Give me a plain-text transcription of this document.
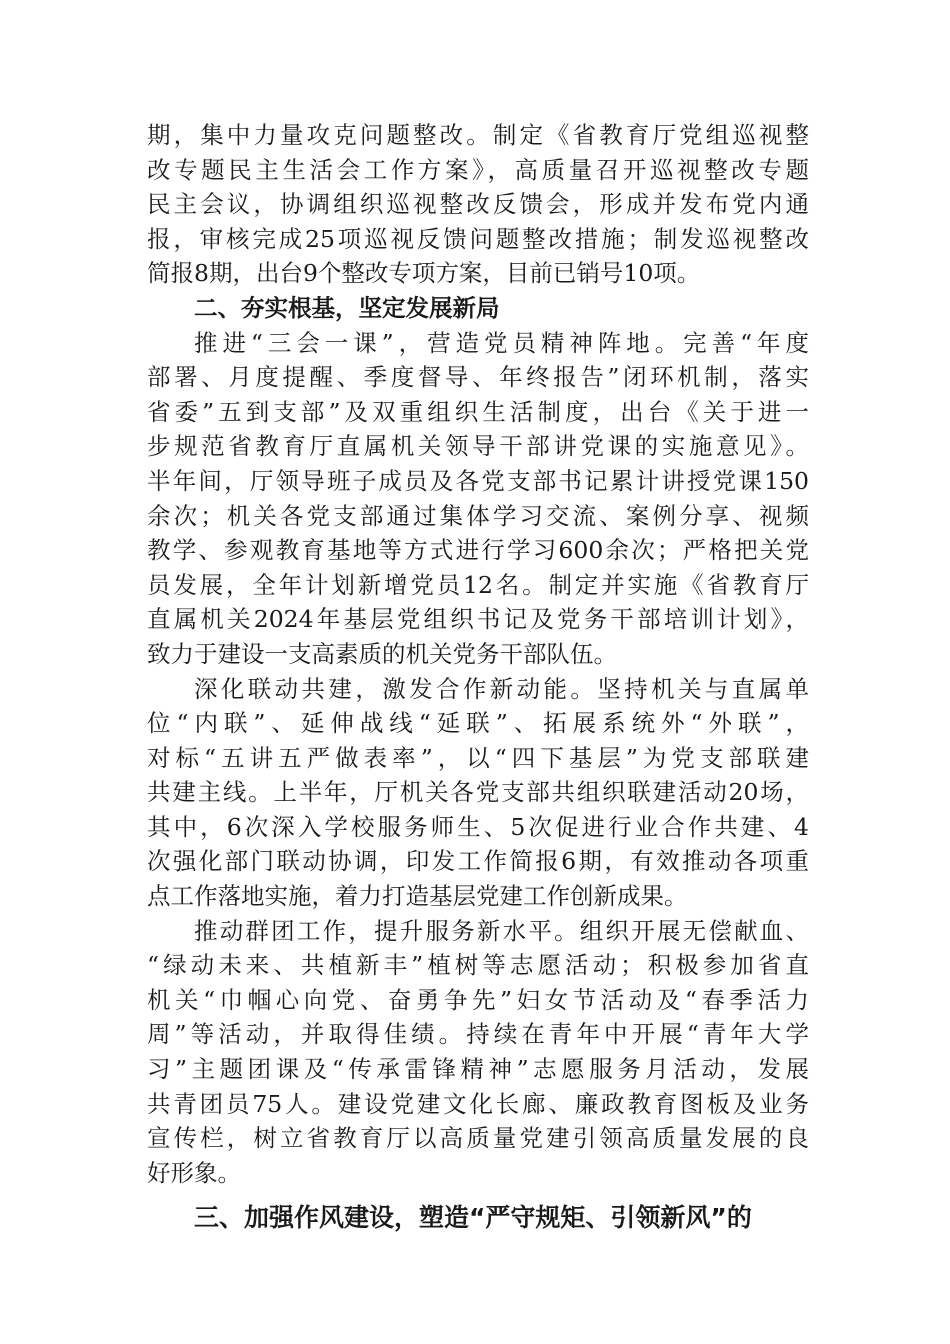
期，集中力量攻克问题整改。制定《省教育厅党组巡视整
改专题民主生活会工作方案》，高质量召开巡视整改专题
民主会议，协调组织巡视整改反馈会，形成并发布党内通
报，审核完成25项巡视反馈问题整改措施；制发巡视整改
简报8期，出台9个整改专项方案，目前已销号10项。
二、夯实根基，坚定发展新局
推进“三会一课”，营造党员精神阵地。完善“年度
部署、月度提醒、季度督导、年终报告”闭环机制，落实
省委”五到支部”及双重组织生活制度，出台《关于进一
步规范省教育厅直属机关领导干部讲党课的实施意见》。
半年间，厅领导班子成员及各党支部书记累计讲授党课150
余次；机关各党支部通过集体学习交流、案例分享、视频
教学、参观教育基地等方式进行学习600余次；严格把关党
员发展，全年计划新增党员12名。制定并实施《省教育厅
直属机关2024年基层党组织书记及党务干部培训计划》，
致力于建设一支高素质的机关党务干部队伍。
深化联动共建，激发合作新动能。坚持机关与直属单
位“内联”、延伸战线“延联”、拓展系统外“外联”，
对标“五讲五严做表率”，以“四下基层”为党支部联建
共建主线。上半年，厅机关各党支部共组织联建活动20场，
其中，6次深入学校服务师生、5次促进行业合作共建、4
次强化部门联动协调，印发工作简报6期，有效推动各项重
点工作落地实施，着力打造基层党建工作创新成果。
推动群团工作，提升服务新水平。组织开展无偿献血、
“绿动未来、共植新丰”植树等志愿活动；积极参加省直
机关“巾帼心向党、奋勇争先”妇女节活动及“春季活力
周”等活动，并取得佳绩。持续在青年中开展“青年大学
习”主题团课及“传承雷锋精神”志愿服务月活动，发展
共青团员75人。建设党建文化长廊、廉政教育图板及业务
宣传栏，树立省教育厅以高质量党建引领高质量发展的良
好形象。
三、加强作风建设，塑造“严守规矩、引领新风”的
